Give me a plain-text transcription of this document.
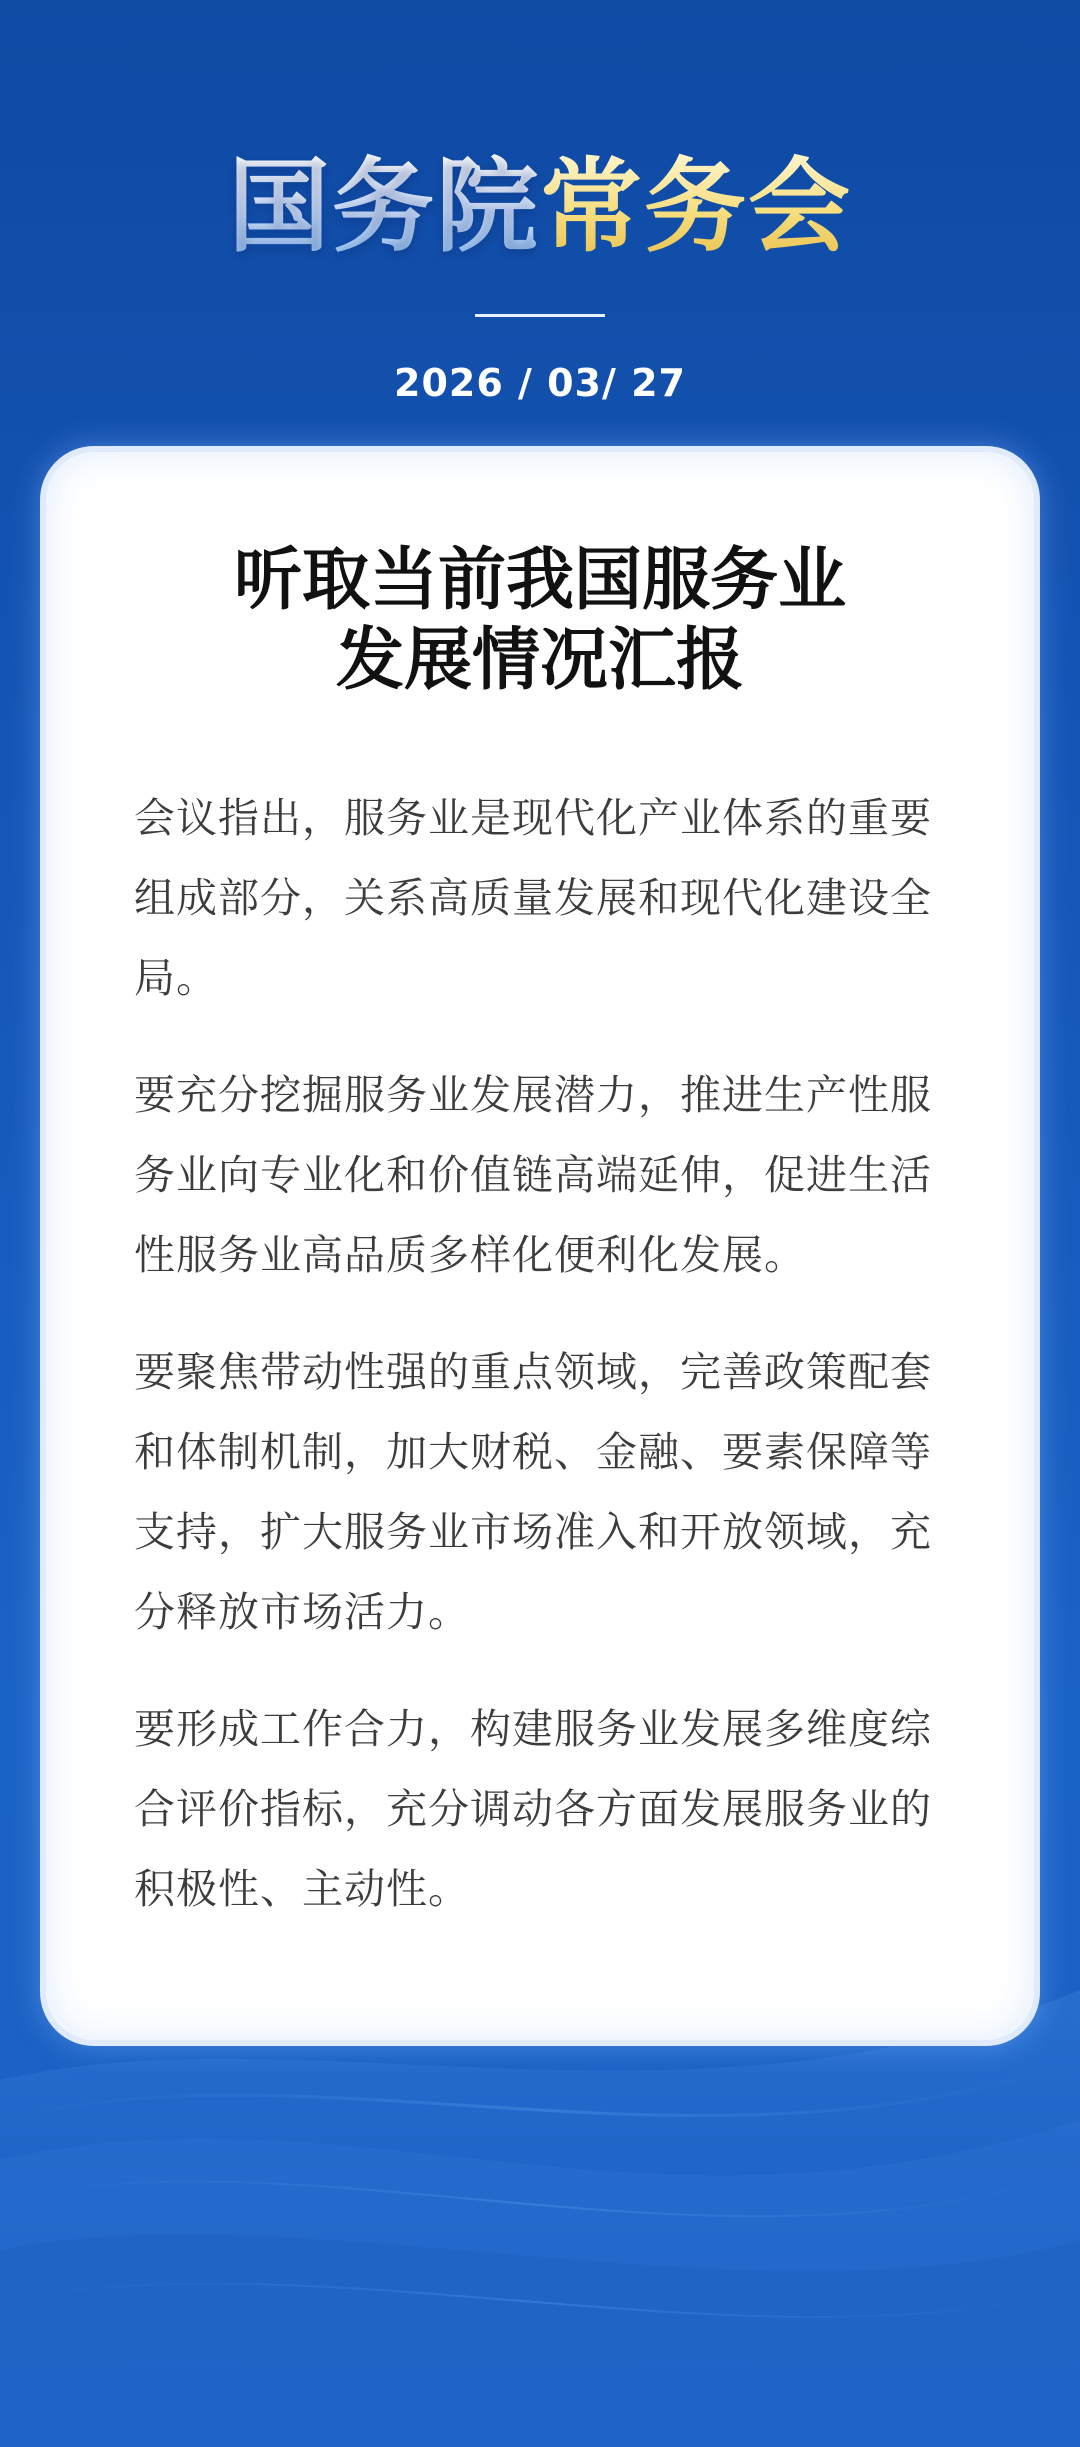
国务院常务会
2026 / 03/ 27
听取当前我国服务业
发展情况汇报

会议指出，服务业是现代化产业体系的重要组成部分，关系高质量发展和现代化建设全局。

要充分挖掘服务业发展潜力，推进生产性服务业向专业化和价值链高端延伸，促进生活性服务业高品质多样化便利化发展。

要聚焦带动性强的重点领域，完善政策配套和体制机制，加大财税、金融、要素保障等支持，扩大服务业市场准入和开放领域，充分释放市场活力。

要形成工作合力，构建服务业发展多维度综合评价指标，充分调动各方面发展服务业的积极性、主动性。
